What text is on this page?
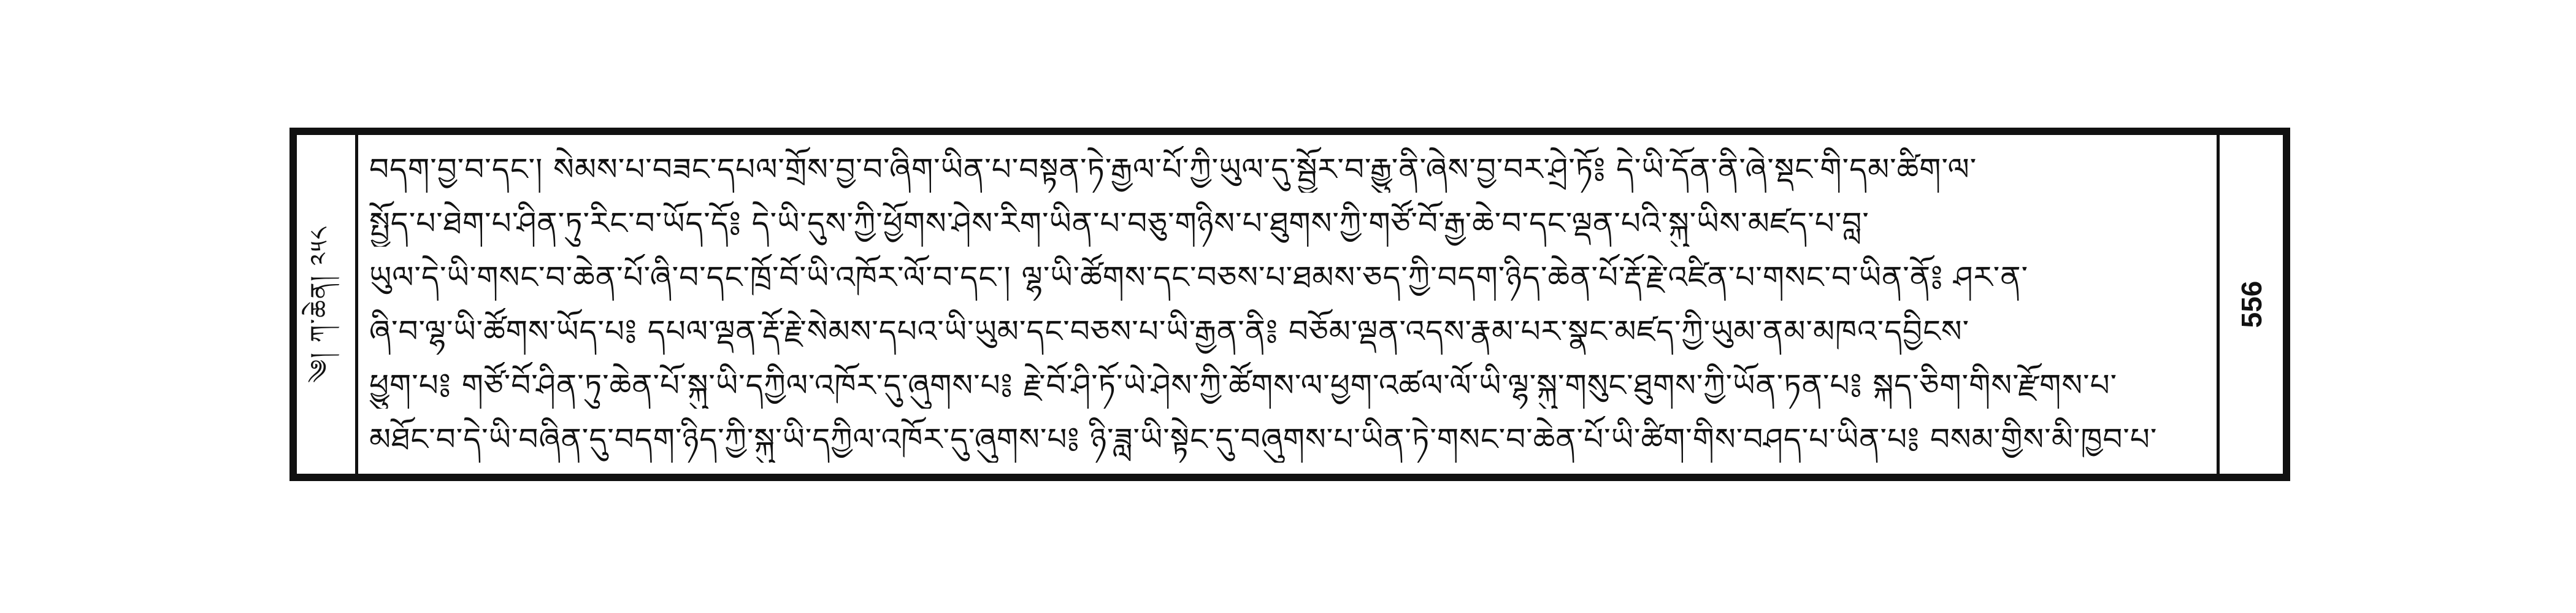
༄། ཀ་ཆེན། ༢༥༨
བདག་བྱ་བ་དང༌། སེམས་པ་བཟང་དཔལ་གྲོས་བྱ་བ་ཞིག་ཡིན་པ་བསྟན་ཏེ་རྒྱལ་པོ་ཀྱི་ཡུལ་དུ་སྦྱོར་བ་རྒྱུ་ནི་ཞེས་བྱ་བར་ཤྲེ་ཏོ༔ དེ་ཡི་དོན་ནི་ཞེ་སྡང་གི་དམ་ཚིག་ལ་
སྤྱོད་པ་ཐེག་པ་ཤིན་ཏུ་རིང་བ་ཡོད་དོ༔ དེ་ཡི་དུས་ཀྱི་ཕྱོགས་ཤེས་རིག་ཡིན་པ་བཅུ་གཉིས་པ་ཐུགས་ཀྱི་གཙོ་བོ་རྒྱ་ཆེ་བ་དང་ལྡན་པའི་སྐུ་ཡིས་མཛད་པ་བླ་
ཡུལ་དེ་ཡི་གསང་བ་ཆེན་པོ་ཞི་བ་དང་ཁྲོ་བོ་ཡི་འཁོར་ལོ་བ་དང༌། ལྷ་ཡི་ཚོགས་དང་བཅས་པ་ཐམས་ཅད་ཀྱི་བདག་ཉིད་ཆེན་པོ་རྡོ་རྗེ་འཛིན་པ་གསང་བ་ཡིན་ནོ༔ ཤར་ན་
ཞི་བ་ལྷ་ཡི་ཚོགས་ཡོད་པ༔ དཔལ་ལྡན་རྡོ་རྗེ་སེམས་དཔའ་ཡི་ཡུམ་དང་བཅས་པ་ཡི་རྒྱན་ནི༔ བཅོམ་ལྡན་འདས་རྣམ་པར་སྣང་མཛད་ཀྱི་ཡུམ་ནམ་མཁའ་དབྱིངས་
ཕྱུག་པ༔ གཙོ་བོ་ཤིན་ཏུ་ཆེན་པོ་སྐུ་ཡི་དཀྱིལ་འཁོར་དུ་ཞུགས་པ༔ རྗེ་བོ་ཤི་ཏོ་ཡེ་ཤེས་ཀྱི་ཚོགས་ལ་ཕྱག་འཚལ་ལོ་ཡི་ལྷ་སྐུ་གསུང་ཐུགས་ཀྱི་ཡོན་ཏན་པ༔ སྐད་ཅིག་གིས་རྫོགས་པ་
མཐོང་བ་དེ་ཡི་བཞིན་དུ་བདག་ཉིད་ཀྱི་སྐུ་ཡི་དཀྱིལ་འཁོར་དུ་ཞུགས་པ༔ ཉི་ཟླ་ཡི་སྟེང་དུ་བཞུགས་པ་ཡིན་ཏེ་གསང་བ་ཆེན་པོ་ཡི་ཚིག་གིས་བཤད་པ་ཡིན་པ༔ བསམ་གྱིས་མི་ཁྱབ་པ་
556
